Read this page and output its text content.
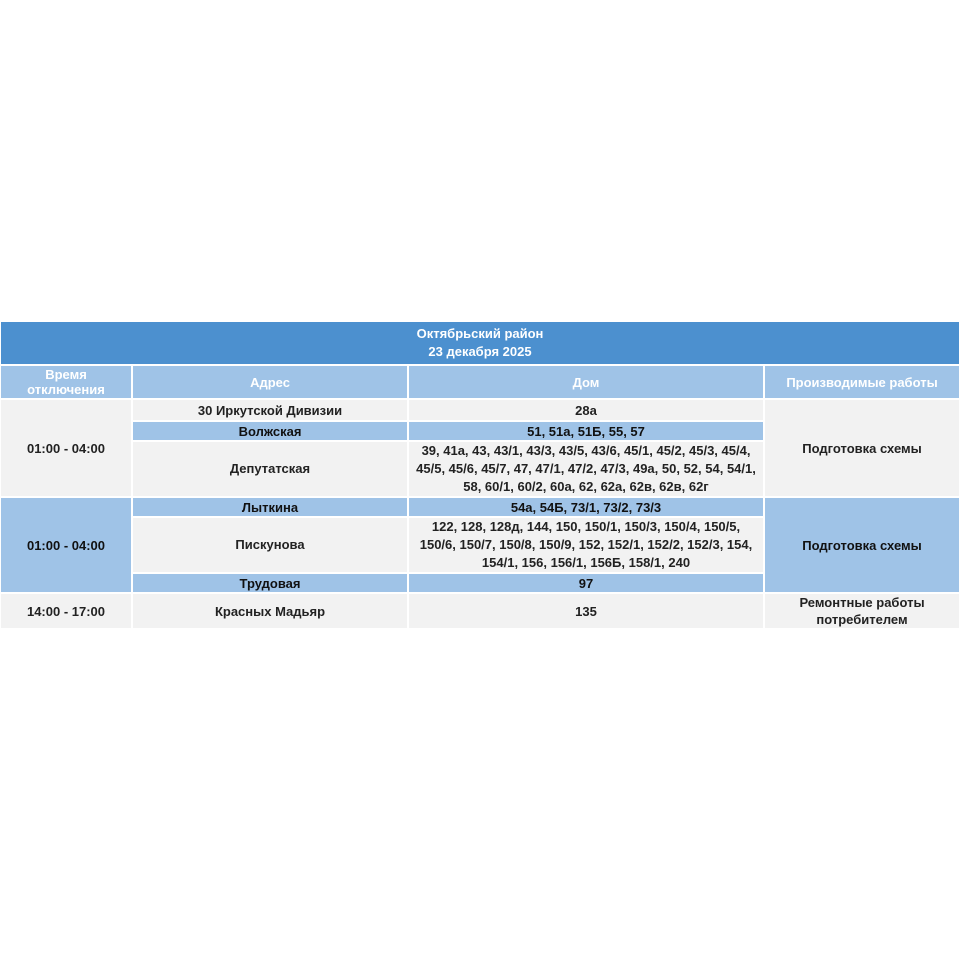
Октябрьский район
23 декабря 2025			

Время отключения	Адрес	Дом	Производимые работы
01:00 - 04:00	30 Иркутской Дивизии	28а	Подготовка схемы
	Волжская	51, 51а, 51Б, 55, 57	
	Депутатская	39, 41а, 43, 43/1, 43/3, 43/5, 43/6, 45/1, 45/2, 45/3, 45/4, 45/5, 45/6, 45/7, 47, 47/1, 47/2, 47/3, 49а, 50, 52, 54, 54/1, 58, 60/1, 60/2, 60а, 62, 62а, 62в, 62в, 62г	
01:00 - 04:00	Лыткина	54а, 54Б, 73/1, 73/2, 73/3	Подготовка схемы
	Пискунова	122, 128, 128д, 144, 150, 150/1, 150/3, 150/4, 150/5, 150/6, 150/7, 150/8, 150/9, 152, 152/1, 152/2, 152/3, 154, 154/1, 156, 156/1, 156Б, 158/1, 240	
	Трудовая	97	
14:00 - 17:00	Красных Мадьяр	135	Ремонтные работы потребителем
